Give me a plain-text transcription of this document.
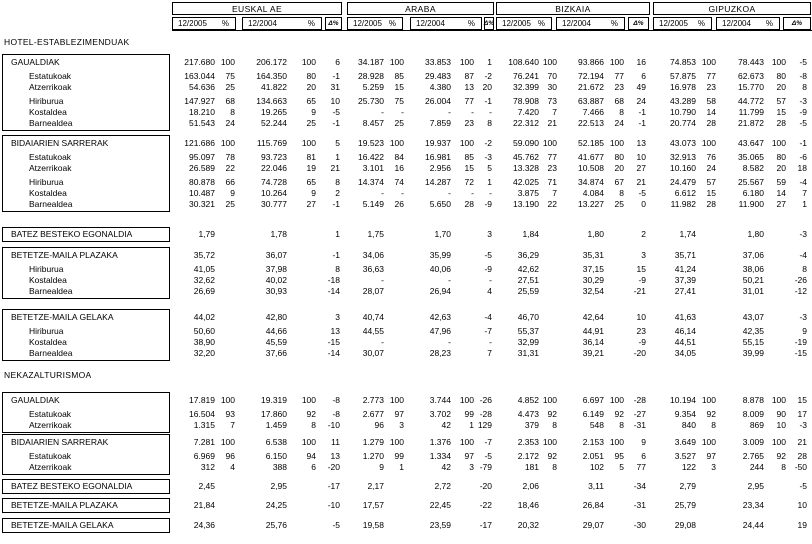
EUSKAL AE
12/2005 % 12/2004	%	Δ%
ARABA
12/2005 %	12/2004	% Δ%
BIZKAIA
12/2005 % 12/2004 %	Δ%
GIPUZKOA
12/2005 % 12/2004 %	Δ%
HOTEL-ESTABLEZIMENDUAK
NEKAZALTURISMOA
GAUALDIAK	217.680 100	206.172	100	6	34.187 100	33.853	100	1	108.640 100	93.866 100	16	74.853 100	78.443 100	-5
Estatukoak	163.044	75	164.350	80	-1	28.928	85	29.483	87	-2	76.241	70	72.194	77	6	57.875	77	62.673	80	-8
Atzerrikoak	54.636	25	41.822	20	31	5.259	15	4.380	13	20	32.399	30	21.672	23	49	16.978	23	15.770	20	8
Hiriburua	147.927	68	134.663	65	10	25.730	75	26.004	77	-1	78.908	73	63.887	68	24	43.289	58	44.772	57	-3
Kostaldea	18.210	8	19.265	9	-5	-	-	-	-	-	7.420	7	7.466	8	-1	10.790	14	11.799	15	-9
Barnealdea	51.543	24	52.244	25	-1	8.457	25	7.859	23	8	22.312	21	22.513	24	-1	20.774	28	21.872	28	-5
BIDAIARIEN SARRERAK	121.686 100	115.769	100	5	19.523 100	19.937	100	-2	59.090 100	52.185 100	13	43.073 100	43.647 100	-1
Estatukoak	95.097	78	93.723	81	1	16.422	84	16.981	85	-3	45.762	77	41.677	80	10	32.913	76	35.065	80	-6
Atzerrikoak	26.589	22	22.046	19	21	3.101	16	2.956	15	5	13.328	23	10.508	20	27	10.160	24	8.582	20	18
Hiriburua	80.878	66	74.728	65	8	14.374	74	14.287	72	1	42.025	71	34.874	67	21	24.479	57	25.567	59	-4
Kostaldea	10.487	9	10.264	9	2	-	-	-	-	-	3.875	7	4.084	8	-5	6.612	15	6.180	14	7
Barnealdea	30.321	25	30.777	27	-1	5.149	26	5.650	28	-9	13.190	22	13.227	25	0	11.982	28	11.900	27	1
BATEZ BESTEKO EGONALDIA	1,79	1,78	1	1,75	1,70	3	1,84	1,80	2	1,74	1,80	-3
BETETZE-MAILA PLAZAKA	35,72	36,07	-1	34,06	35,99	-5	36,29	35,31	3	35,71	37,06	-4
Hiriburua	41,05	37,98	8	36,63	40,06	-9	42,62	37,15	15	41,24	38,06	8
Kostaldea	32,62	40,02	-18	-	-	-	27,51	30,29	-9	37,39	50,21	-26
Barnealdea	26,69	30,93	-14	28,07	26,94	4	25,59	32,54	-21	27,41	31,01	-12
BETETZE-MAILA GELAKA	44,02	42,80	3	40,74	42,63	-4	46,70	42,64	10	41,63	43,07	-3
Hiriburua	50,60	44,66	13	44,55	47,96	-7	55,37	44,91	23	46,14	42,35	9
Kostaldea	38,90	45,59	-15	-	-	-	32,99	36,14	-9	44,51	55,15	-19
Barnealdea	32,20	37,66	-14	30,07	28,23	7	31,31	39,21	-20	34,05	39,99	-15
GAUALDIAK	17.819 100	19.319	100	-8	2.773 100	3.744	100 -26	4.852 100	6.697 100	-28	10.194 100	8.878 100	15
Estatukoak	16.504	93	17.860	92	-8	2.677	97	3.702	99 -28	4.473	92	6.149	92	-27	9.354	92	8.009	90	17
Atzerrikoak	1.315	7	1.459	8	-10	96	3	42	1 129	379	8	548	8	-31	840	8	869	10	-3
BIDAIARIEN SARRERAK	7.281 100	6.538	100	11	1.279 100	1.376	100	-7	2.353 100	2.153 100	9	3.649 100	3.009 100	21
Estatukoak	6.969	96	6.150	94	13	1.270	99	1.334	97	-5	2.172	92	2.051	95	6	3.527	97	2.765	92	28
Atzerrikoak	312	4	388	6	-20	9	1	42	3 -79	181	8	102	5	77	122	3	244	8	-50
BATEZ BESTEKO EGONALDIA	2,45	2,95	-17	2,17	2,72	-20	2,06	3,11	-34	2,79	2,95	-5
BETETZE-MAILA PLAZAKA	21,84	24,25	-10	17,57	22,45	-22	18,46	26,84	-31	25,79	23,34	10
BETETZE-MAILA GELAKA	24,36	25,76	-5	19,58	23,59	-17	20,32	29,07	-30	29,08	24,44	19
